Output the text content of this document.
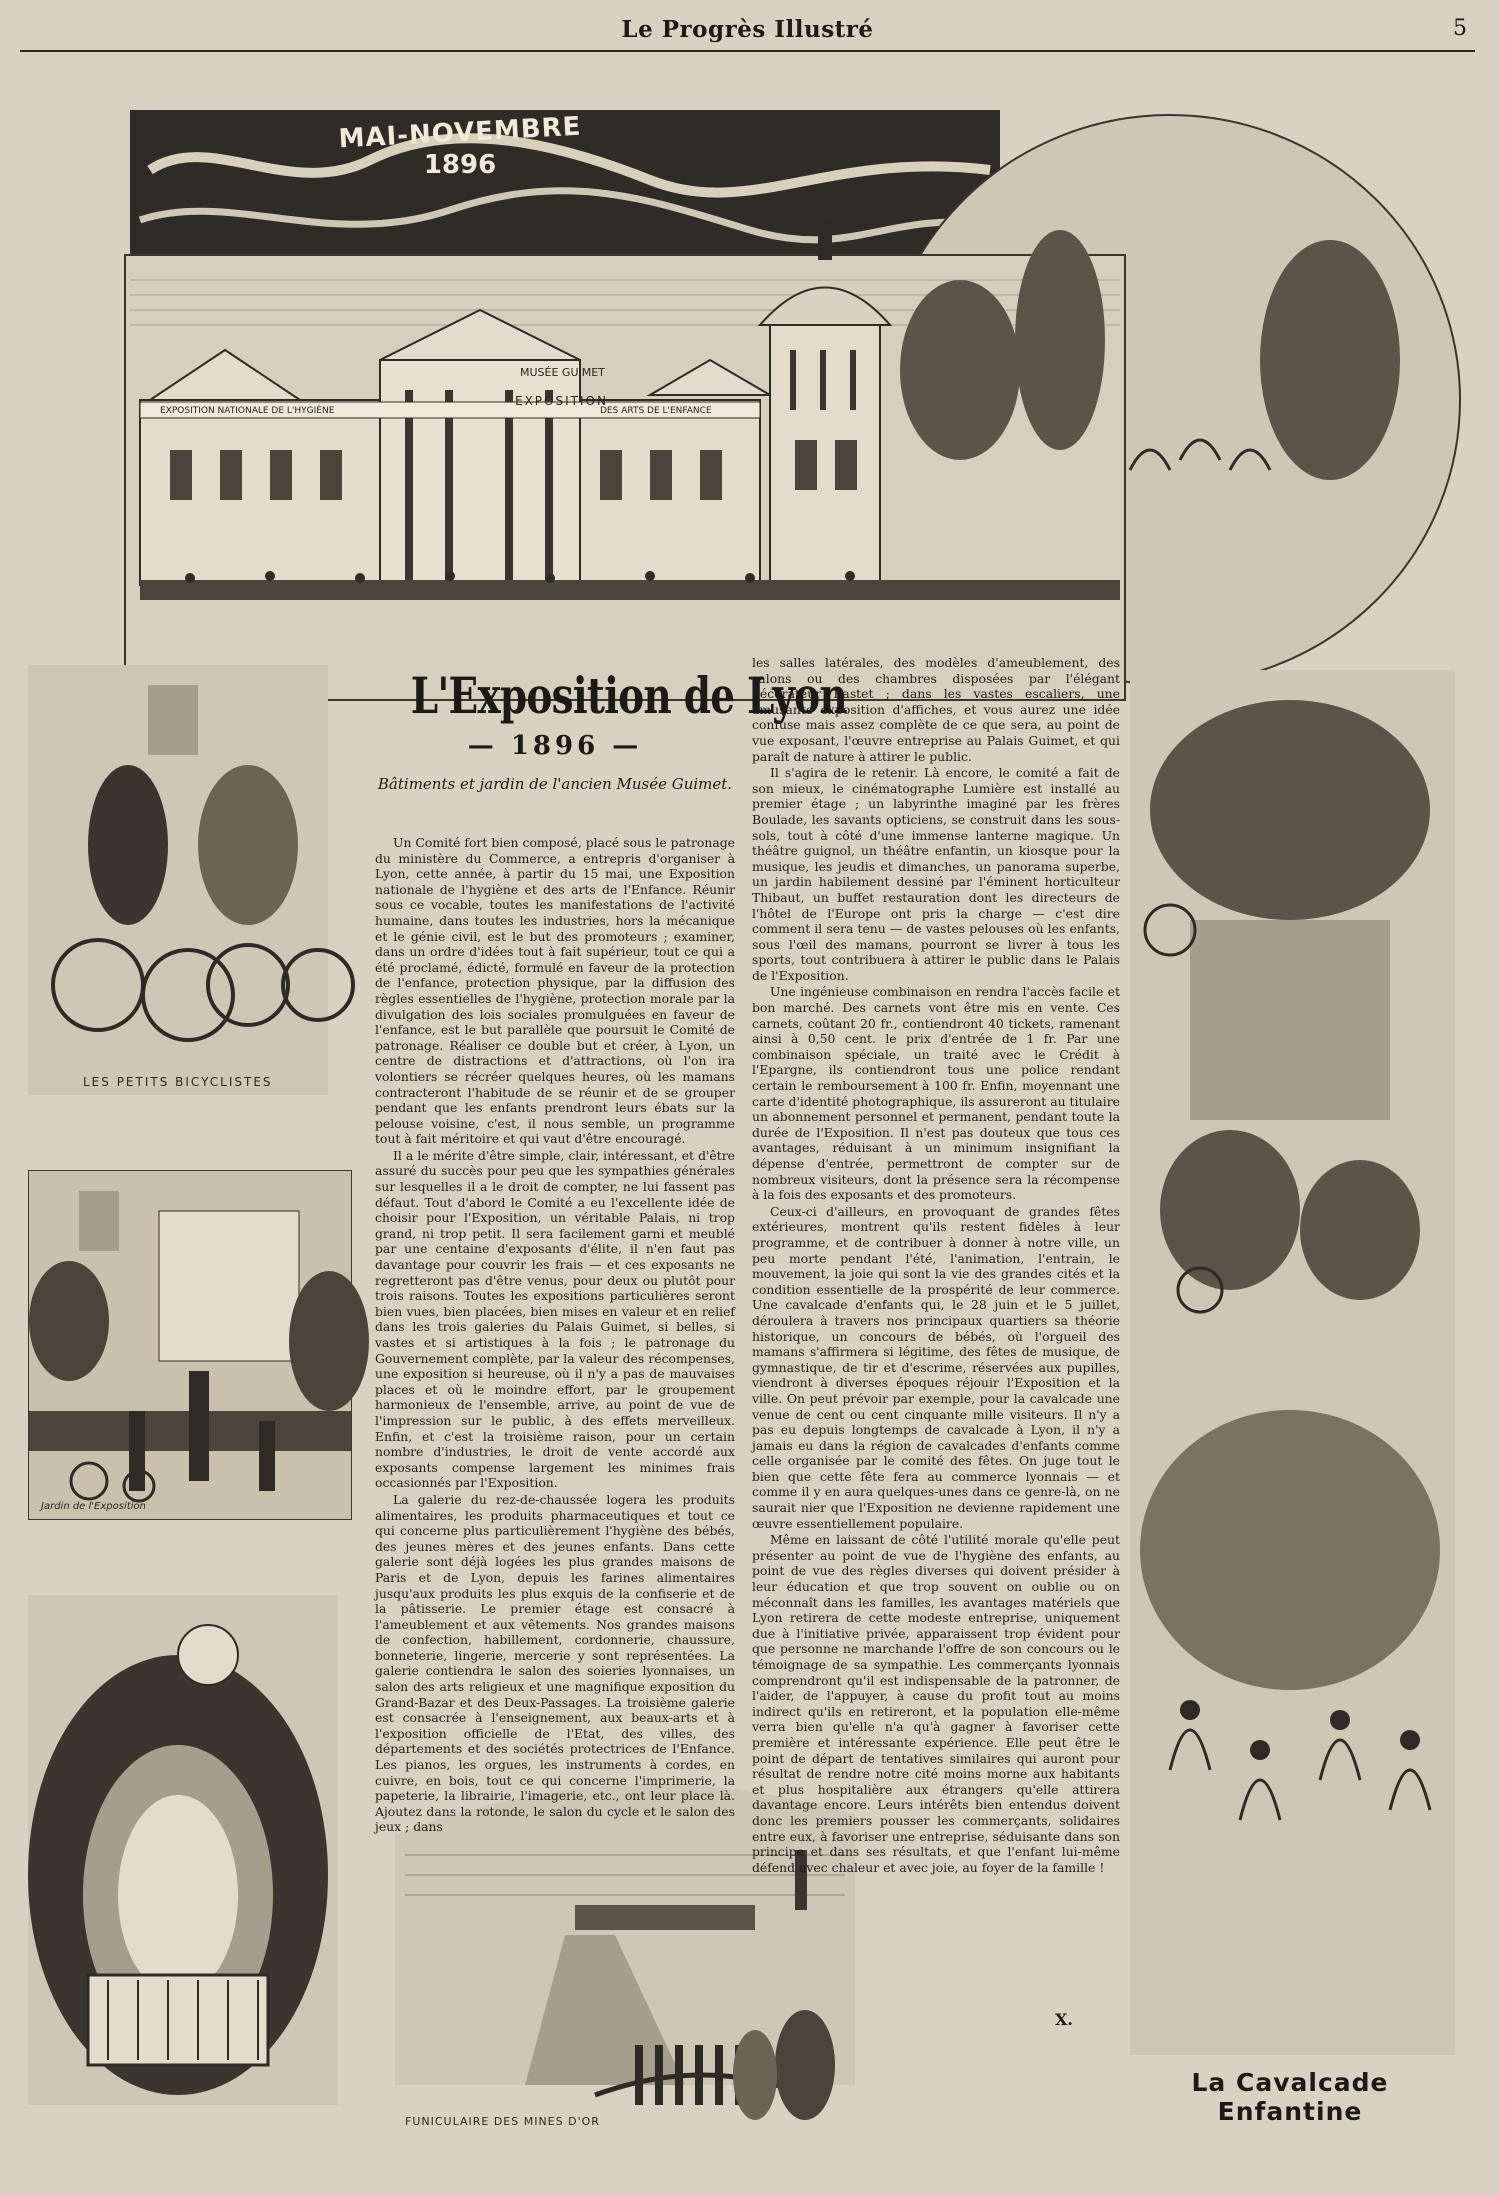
Le Progrès Illustré	5
MAI-NOVEMBRE
1896
MUSÉE GUIMET
EXPOSITION
EXPOSITION NATIONALE DE L'HYGIÈNE	DES ARTS DE L'ENFANCE
La Cavalcade Enfantine
LES PETITS BICYCLISTES
Jardin de l'Exposition
FUNICULAIRE DES MINES D'OR
L'Exposition de Lyon
— 1896 —
Bâtiments et jardin de l'ancien Musée Guimet.

Un Comité fort bien composé, placé sous le patronage du ministère du Commerce, a entrepris d'organiser à Lyon, cette année, à partir du 15 mai, une Exposition nationale de l'hygiène et des arts de l'Enfance. Réunir sous ce vocable, toutes les manifestations de l'activité humaine, dans toutes les industries, hors la mécanique et le génie civil, est le but des promoteurs ; examiner, dans un ordre d'idées tout à fait supérieur, tout ce qui a été proclamé, édicté, formulé en faveur de la protection de l'enfance, protection physique, par la diffusion des règles essentielles de l'hygiène, protection morale par la divulgation des lois sociales promulguées en faveur de l'enfance, est le but parallèle que poursuit le Comité de patronage. Réaliser ce double but et créer, à Lyon, un centre de distractions et d'attractions, où l'on ira volontiers se récréer quelques heures, où les mamans contracteront l'habitude de se réunir et de se grouper pendant que les enfants prendront leurs ébats sur la pelouse voisine, c'est, il nous semble, un programme tout à fait méritoire et qui vaut d'être encouragé.

Il a le mérite d'être simple, clair, intéressant, et d'être assuré du succès pour peu que les sympathies générales sur lesquelles il a le droit de compter, ne lui fassent pas défaut. Tout d'abord le Comité a eu l'excellente idée de choisir pour l'Exposition, un véritable Palais, ni trop grand, ni trop petit. Il sera facilement garni et meublé par une centaine d'exposants d'élite, il n'en faut pas davantage pour couvrir les frais — et ces exposants ne regretteront pas d'être venus, pour deux ou plutôt pour trois raisons. Toutes les expositions particulières seront bien vues, bien placées, bien mises en valeur et en relief dans les trois galeries du Palais Guimet, si belles, si vastes et si artistiques à la fois ; le patronage du Gouvernement complète, par la valeur des récompenses, une exposition si heureuse, où il n'y a pas de mauvaises places et où le moindre effort, par le groupement harmonieux de l'ensemble, arrive, au point de vue de l'impression sur le public, à des effets merveilleux. Enfin, et c'est la troisième raison, pour un certain nombre d'industries, le droit de vente accordé aux exposants compense largement les minimes frais occasionnés par l'Exposition.

La galerie du rez-de-chaussée logera les produits alimentaires, les produits pharmaceutiques et tout ce qui concerne plus particulièrement l'hygiène des bébés, des jeunes mères et des jeunes enfants. Dans cette galerie sont déjà logées les plus grandes maisons de Paris et de Lyon, depuis les farines alimentaires jusqu'aux produits les plus exquis de la confiserie et de la pâtisserie. Le premier étage est consacré à l'ameublement et aux vêtements. Nos grandes maisons de confection, habillement, cordonnerie, chaussure, bonneterie, lingerie, mercerie y sont représentées. La galerie contiendra le salon des soieries lyonnaises, un salon des arts religieux et une magnifique exposition du Grand-Bazar et des Deux-Passages. La troisième galerie est consacrée à l'enseignement, aux beaux-arts et à l'exposition officielle de l'Etat, des villes, des départements et des sociétés protectrices de l'Enfance. Les pianos, les orgues, les instruments à cordes, en cuivre, en bois, tout ce qui concerne l'imprimerie, la papeterie, la librairie, l'imagerie, etc., ont leur place là. Ajoutez dans la rotonde, le salon du cycle et le salon des jeux ; dans

les salles latérales, des modèles d'ameublement, des salons ou des chambres disposées par l'élégant décorateur Bastet ; dans les vastes escaliers, une amusante exposition d'affiches, et vous aurez une idée confuse mais assez complète de ce que sera, au point de vue exposant, l'œuvre entreprise au Palais Guimet, et qui paraît de nature à attirer le public.

Il s'agira de le retenir. Là encore, le comité a fait de son mieux, le cinématographe Lumière est installé au premier étage ; un labyrinthe imaginé par les frères Boulade, les savants opticiens, se construit dans les sous-sols, tout à côté d'une immense lanterne magique. Un théâtre guignol, un théâtre enfantin, un kiosque pour la musique, les jeudis et dimanches, un panorama superbe, un jardin habilement dessiné par l'éminent horticulteur Thibaut, un buffet restauration dont les directeurs de l'hôtel de l'Europe ont pris la charge — c'est dire comment il sera tenu — de vastes pelouses où les enfants, sous l'œil des mamans, pourront se livrer à tous les sports, tout contribuera à attirer le public dans le Palais de l'Exposition.

Une ingénieuse combinaison en rendra l'accès facile et bon marché. Des carnets vont être mis en vente. Ces carnets, coûtant 20 fr., contiendront 40 tickets, ramenant ainsi à 0,50 cent. le prix d'entrée de 1 fr. Par une combinaison spéciale, un traité avec le Crédit à l'Epargne, ils contiendront tous une police rendant certain le remboursement à 100 fr. Enfin, moyennant une carte d'identité photographique, ils assureront au titulaire un abonnement personnel et permanent, pendant toute la durée de l'Exposition. Il n'est pas douteux que tous ces avantages, réduisant à un minimum insignifiant la dépense d'entrée, permettront de compter sur de nombreux visiteurs, dont la présence sera la récompense à la fois des exposants et des promoteurs.

Ceux-ci d'ailleurs, en provoquant de grandes fêtes extérieures, montrent qu'ils restent fidèles à leur programme, et de contribuer à donner à notre ville, un peu morte pendant l'été, l'animation, l'entrain, le mouvement, la joie qui sont la vie des grandes cités et la condition essentielle de la prospérité de leur commerce. Une cavalcade d'enfants qui, le 28 juin et le 5 juillet, déroulera à travers nos principaux quartiers sa théorie historique, un concours de bébés, où l'orgueil des mamans s'affirmera si légitime, des fêtes de musique, de gymnastique, de tir et d'escrime, réservées aux pupilles, viendront à diverses époques réjouir l'Exposition et la ville. On peut prévoir par exemple, pour la cavalcade une venue de cent ou cent cinquante mille visiteurs. Il n'y a pas eu depuis longtemps de cavalcade à Lyon, il n'y a jamais eu dans la région de cavalcades d'enfants comme celle organisée par le comité des fêtes. On juge tout le bien que cette fête fera au commerce lyonnais — et comme il y en aura quelques-unes dans ce genre-là, on ne saurait nier que l'Exposition ne devienne rapidement une œuvre essentiellement populaire.

Même en laissant de côté l'utilité morale qu'elle peut présenter au point de vue de l'hygiène des enfants, au point de vue des règles diverses qui doivent présider à leur éducation et que trop souvent on oublie ou on méconnaît dans les familles, les avantages matériels que Lyon retirera de cette modeste entreprise, uniquement due à l'initiative privée, apparaissent trop évident pour que personne ne marchande l'offre de son concours ou le témoignage de sa sympathie. Les commerçants lyonnais comprendront qu'il est indispensable de la patronner, de l'aider, de l'appuyer, à cause du profit tout au moins indirect qu'ils en retireront, et la population elle-même verra bien qu'elle n'a qu'à gagner à favoriser cette première et intéressante expérience. Elle peut être le point de départ de tentatives similaires qui auront pour résultat de rendre notre cité moins morne aux habitants et plus hospitalière aux étrangers qu'elle attirera davantage encore. Leurs intérêts bien entendus doivent donc les premiers pousser les commerçants, solidaires entre eux, à favoriser une entreprise, séduisante dans son principe et dans ses résultats, et que l'enfant lui-même défend avec chaleur et avec joie, au foyer de la famille !

X.
